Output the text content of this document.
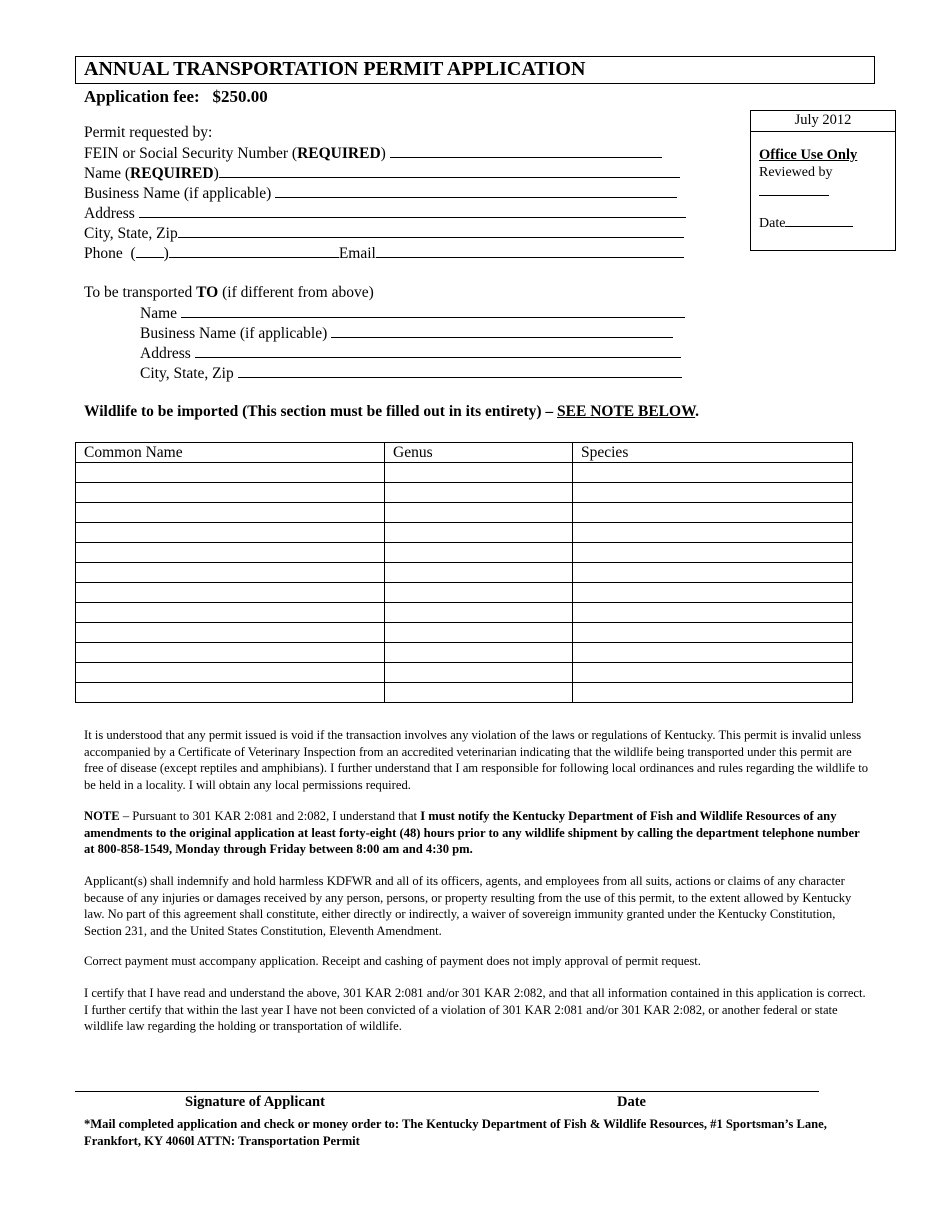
ANNUAL TRANSPORTATION PERMIT APPLICATION
Application fee: $250.00
July 2012
Office Use Only
Reviewed by
Date
Permit requested by:
FEIN or Social Security Number (REQUIRED)
Name (REQUIRED)
Business Name (if applicable)
Address
City, State, Zip
Phone ( )	Email
To be transported TO (if different from above)
Name
Business Name (if applicable)
Address
City, State, Zip
Wildlife to be imported (This section must be filled out in its entirety) – SEE NOTE BELOW.
Common Name	Genus	Species

It is understood that any permit issued is void if the transaction involves any violation of the laws or regulations of Kentucky. This permit is invalid unless accompanied by a Certificate of Veterinary Inspection from an accredited veterinarian indicating that the wildlife being transported under this permit are free of disease (except reptiles and amphibians). I further understand that I am responsible for following local ordinances and rules regarding the wildlife to be held in a locality. I will obtain any local permissions required.
NOTE – Pursuant to 301 KAR 2:081 and 2:082, I understand that I must notify the Kentucky Department of Fish and Wildlife Resources of any amendments to the original application at least forty-eight (48) hours prior to any wildlife shipment by calling the department telephone number at 800-858-1549, Monday through Friday between 8:00 am and 4:30 pm.
Applicant(s) shall indemnify and hold harmless KDFWR and all of its officers, agents, and employees from all suits, actions or claims of any character because of any injuries or damages received by any person, persons, or property resulting from the use of this permit, to the extent allowed by Kentucky law. No part of this agreement shall constitute, either directly or indirectly, a waiver of sovereign immunity granted under the Kentucky Constitution, Section 231, and the United States Constitution, Eleventh Amendment.
Correct payment must accompany application. Receipt and cashing of payment does not imply approval of permit request.
I certify that I have read and understand the above, 301 KAR 2:081 and/or 301 KAR 2:082, and that all information contained in this application is correct. I further certify that within the last year I have not been convicted of a violation of 301 KAR 2:081 and/or 301 KAR 2:082, or another federal or state wildlife law regarding the holding or transportation of wildlife.
Signature of Applicant	Date
*Mail completed application and check or money order to: The Kentucky Department of Fish & Wildlife Resources, #1 Sportsman’s Lane, Frankfort, KY 4060l ATTN: Transportation Permit
